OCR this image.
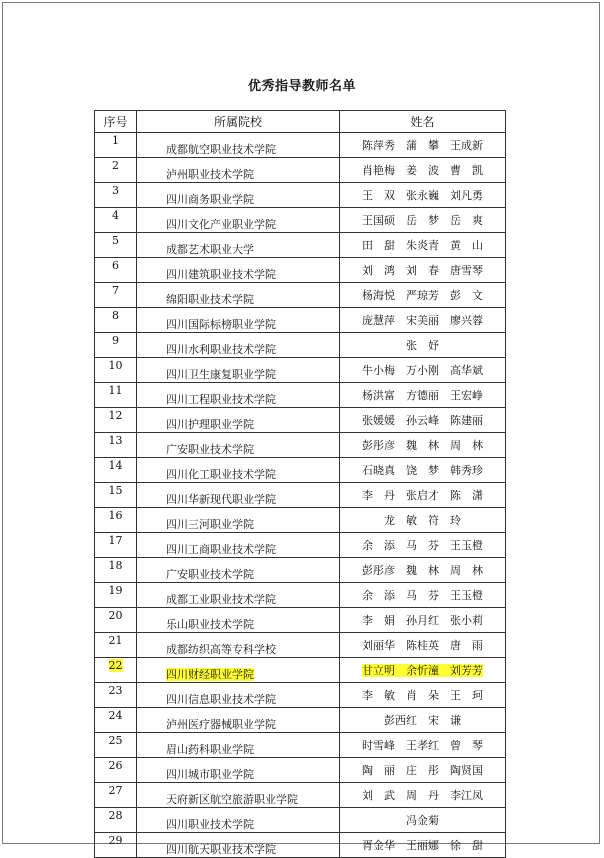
优秀指导教师名单
序号	所属院校	姓名
1	成都航空职业技术学院	陈萍秀　蒲　攀　王成新
2	泸州职业技术学院	肖艳梅　姜　波　曹　凯
3	四川商务职业学院	王　双　张永巍　刘凡勇
4	四川文化产业职业学院	王国硕　岳　梦　岳　爽
5	成都艺术职业大学	田　甜　朱炎青　黄　山
6	四川建筑职业技术学院	刘　鸿　刘　春　唐雪琴
7	绵阳职业技术学院	杨海悦　严琼芳　彭　文
8	四川国际标榜职业学院	庞慧萍　宋美丽　廖兴蓉
9	四川水利职业技术学院	张　妤
10	四川卫生康复职业学院	牛小梅　万小刚　高华斌
11	四川工程职业技术学院	杨洪富　方德丽　王宏峥
12	四川护理职业学院	张媛媛　孙云峰　陈建丽
13	广安职业技术学院	彭彤彦　魏　林　周　林
14	四川化工职业技术学院	石晓真　饶　梦　韩秀珍
15	四川华新现代职业学院	李　丹　张启才　陈　潇
16	四川三河职业学院	龙　敏　符　玲
17	四川工商职业技术学院	余　添　马　芬　王玉橙
18	广安职业技术学院	彭彤彦　魏　林　周　林
19	成都工业职业技术学院	余　添　马　芬　王玉橙
20	乐山职业技术学院	李　娟　孙月红　张小莉
21	成都纺织高等专科学校	刘丽华　陈桂英　唐　雨
22	四川财经职业学院	甘立明　余忻潼　刘芳芳
23	四川信息职业技术学院	李　敏　肖　朵　王　珂
24	泸州医疗器械职业学院	彭西红　宋　谦
25	眉山药科职业学院	时雪峰　王孝红　曾　琴
26	四川城市职业学院	陶　丽　庄　彤　陶贤国
27	天府新区航空旅游职业学院	刘　武　周　丹　李江凤
28	四川职业技术学院	冯金菊
29	四川航天职业技术学院	胥金华　王丽娜　徐　甜
